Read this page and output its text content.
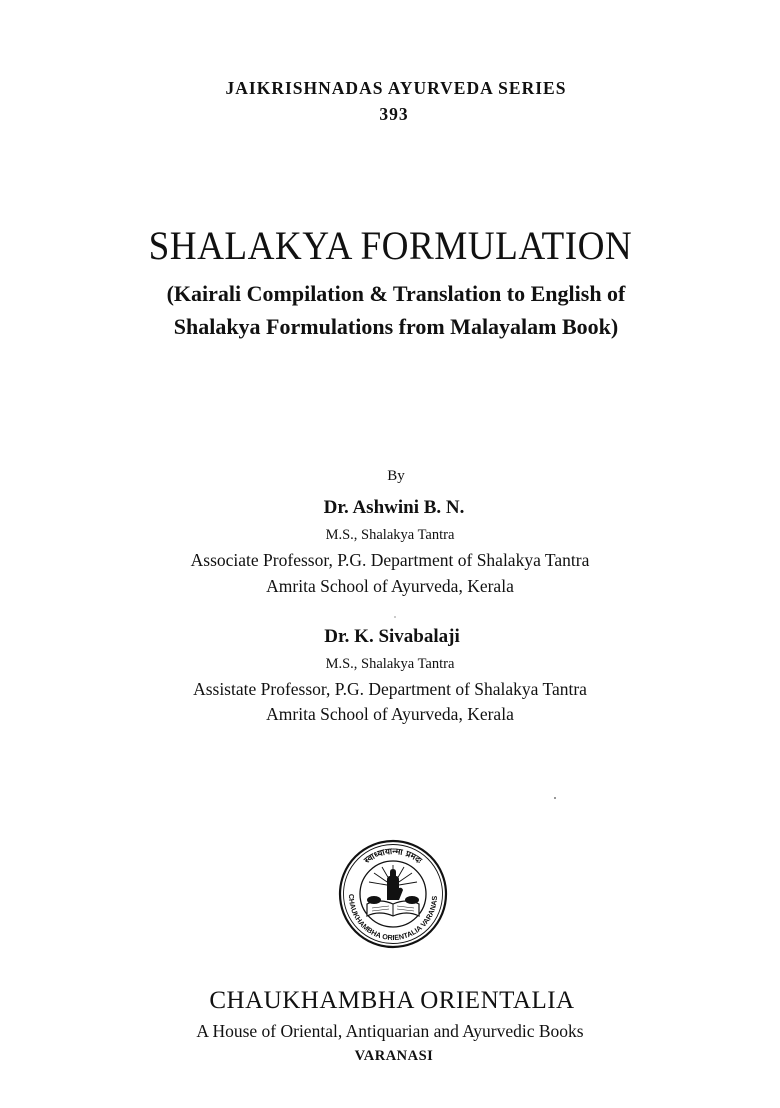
JAIKRISHNADAS AYURVEDA SERIES
393
SHALAKYA FORMULATION
(Kairali Compilation & Translation to English of
Shalakya Formulations from Malayalam Book)
By
Dr. Ashwini B. N.
M.S., Shalakya Tantra
Associate Professor, P.G. Department of Shalakya Tantra
Amrita School of Ayurveda, Kerala
Dr. K. Sivabalaji
M.S., Shalakya Tantra
Assistate Professor, P.G. Department of Shalakya Tantra
Amrita School of Ayurveda, Kerala
स्वाध्यायान्मा प्रमदः
CHAUKHAMBHA ORIENTALIA VARANAS
CHAUKHAMBHA ORIENTALIA
A House of Oriental, Antiquarian and Ayurvedic Books
VARANASI
